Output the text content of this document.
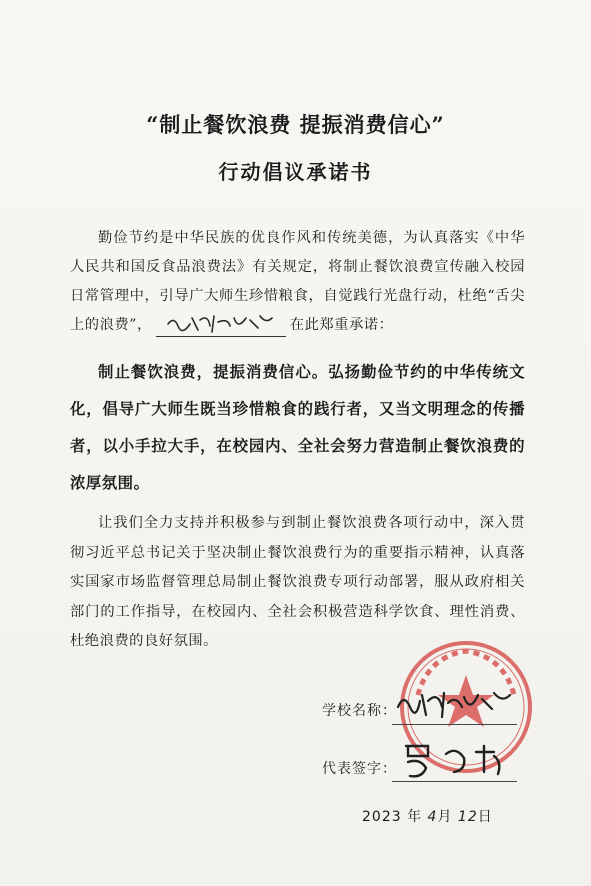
“制止餐饮浪费 提振消费信心”
行动倡议承诺书
勤俭节约是中华民族的优良作风和传统美德，为认真落实《中华人民共和国反食品浪费法》有关规定，将制止餐饮浪费宣传融入校园日常管理中，引导广大师生珍惜粮食，自觉践行光盘行动，杜绝“舌尖上的浪费”，	在此郑重承诺：
制止餐饮浪费，提振消费信心。弘扬勤俭节约的中华传统文化，倡导广大师生既当珍惜粮食的践行者，又当文明理念的传播者，以小手拉大手，在校园内、全社会努力营造制止餐饮浪费的浓厚氛围。
让我们全力支持并积极参与到制止餐饮浪费各项行动中，深入贯彻习近平总书记关于坚决制止餐饮浪费行为的重要指示精神，认真落实国家市场监督管理总局制止餐饮浪费专项行动部署，服从政府相关部门的工作指导，在校园内、全社会积极营造科学饮食、理性消费、杜绝浪费的良好氛围。
学校名称：
代表签字：
2023 年 4月 12日
